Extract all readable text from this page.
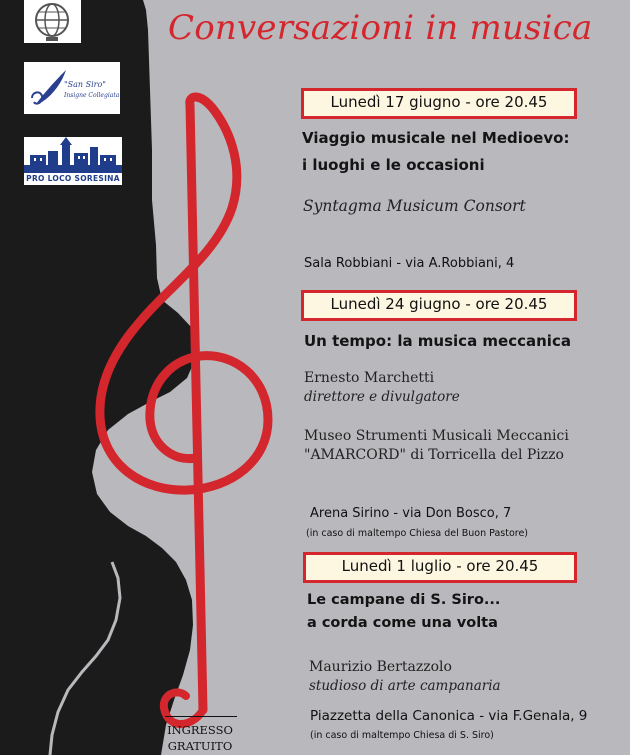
"San Siro"
Insigne Collegiata
PRO LOCO SORESINA
Conversazioni in musica
Lunedì 17 giugno - ore 20.45
Viaggio musicale nel Medioevo:
i luoghi e le occasioni
Syntagma Musicum Consort
Sala Robbiani - via A.Robbiani, 4
Lunedì 24 giugno - ore 20.45
Un tempo: la musica meccanica
Ernesto Marchetti
direttore e divulgatore
Museo Strumenti Musicali Meccanici
"AMARCORD" di Torricella del Pizzo
Arena Sirino - via Don Bosco, 7
(in caso di maltempo Chiesa del Buon Pastore)
Lunedì 1 luglio - ore 20.45
Le campane di S. Siro...
a corda come una volta
Maurizio Bertazzolo
studioso di arte campanaria
Piazzetta della Canonica - via F.Genala, 9
(in caso di maltempo Chiesa di S. Siro)
INGRESSO
GRATUITO
